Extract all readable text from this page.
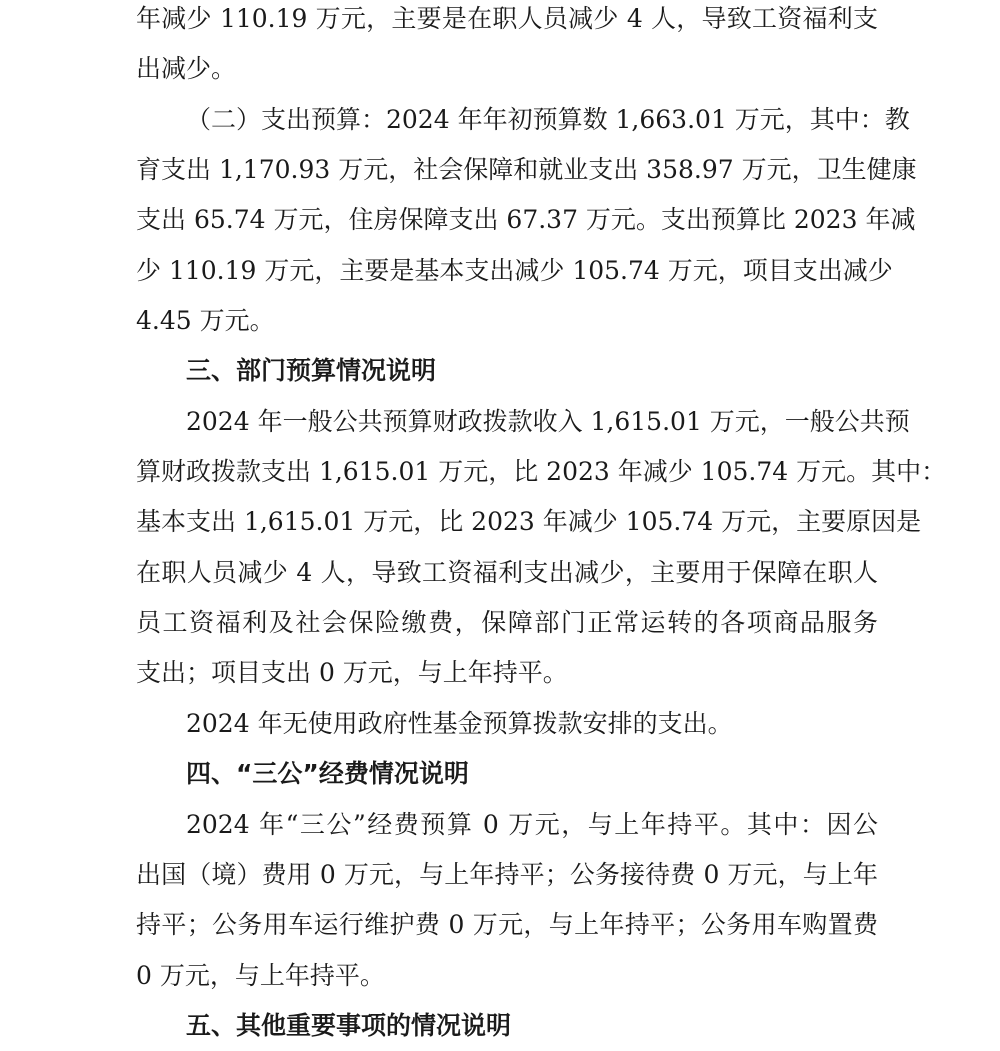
年减少 110.19 万元，主要是在职人员减少 4 人，导致工资福利支
出减少。
（二）支出预算：2024 年年初预算数 1,663.01 万元，其中：教
育支出 1,170.93 万元，社会保障和就业支出 358.97 万元，卫生健康
支出 65.74 万元，住房保障支出 67.37 万元。支出预算比 2023 年减
少 110.19 万元，主要是基本支出减少 105.74 万元，项目支出减少
4.45 万元。
三、部门预算情况说明
2024 年一般公共预算财政拨款收入 1,615.01 万元，一般公共预
算财政拨款支出 1,615.01 万元，比 2023 年减少 105.74 万元。其中：
基本支出 1,615.01 万元，比 2023 年减少 105.74 万元，主要原因是
在职人员减少 4 人，导致工资福利支出减少，主要用于保障在职人
员工资福利及社会保险缴费，保障部门正常运转的各项商品服务
支出；项目支出 0 万元，与上年持平。
2024 年无使用政府性基金预算拨款安排的支出。
四、“三公”经费情况说明
2024 年“三公”经费预算 0 万元，与上年持平。其中：因公
出国（境）费用 0 万元，与上年持平；公务接待费 0 万元，与上年
持平；公务用车运行维护费 0 万元，与上年持平；公务用车购置费
0 万元，与上年持平。
五、其他重要事项的情况说明
